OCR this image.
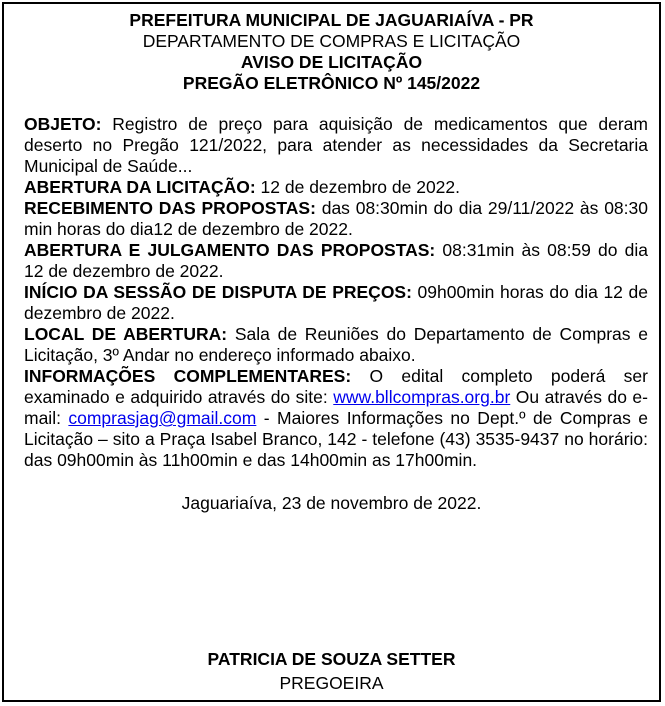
PREFEITURA MUNICIPAL DE JAGUARIAÍVA - PR
DEPARTAMENTO DE COMPRAS E LICITAÇÃO
AVISO DE LICITAÇÃO
PREGÃO ELETRÔNICO Nº 145/2022

OBJETO: Registro de preço para aquisição de medicamentos que deram deserto no Pregão 121/2022, para atender as necessidades da Secretaria Municipal de Saúde...

ABERTURA DA LICITAÇÃO: 12 de dezembro de 2022.

RECEBIMENTO DAS PROPOSTAS: das 08:30min do dia 29/11/2022 às 08:30 min horas do dia12 de dezembro de 2022.

ABERTURA E JULGAMENTO DAS PROPOSTAS: 08:31min às 08:59 do dia 12 de dezembro de 2022.

INÍCIO DA SESSÃO DE DISPUTA DE PREÇOS: 09h00min horas do dia 12 de dezembro de 2022.

LOCAL DE ABERTURA: Sala de Reuniões do Departamento de Compras e Licitação, 3º Andar no endereço informado abaixo.

INFORMAÇÕES COMPLEMENTARES: O edital completo poderá ser examinado e adquirido através do site: www.bllcompras.org.br Ou através do e-mail: comprasjag@gmail.com - Maiores Informações no Dept.º de Compras e Licitação – sito a Praça Isabel Branco, 142 - telefone (43) 3535-9437 no horário: das 09h00min às 11h00min e das 14h00min as 17h00min.

Jaguariaíva, 23 de novembro de 2022.
PATRICIA DE SOUZA SETTER
PREGOEIRA
